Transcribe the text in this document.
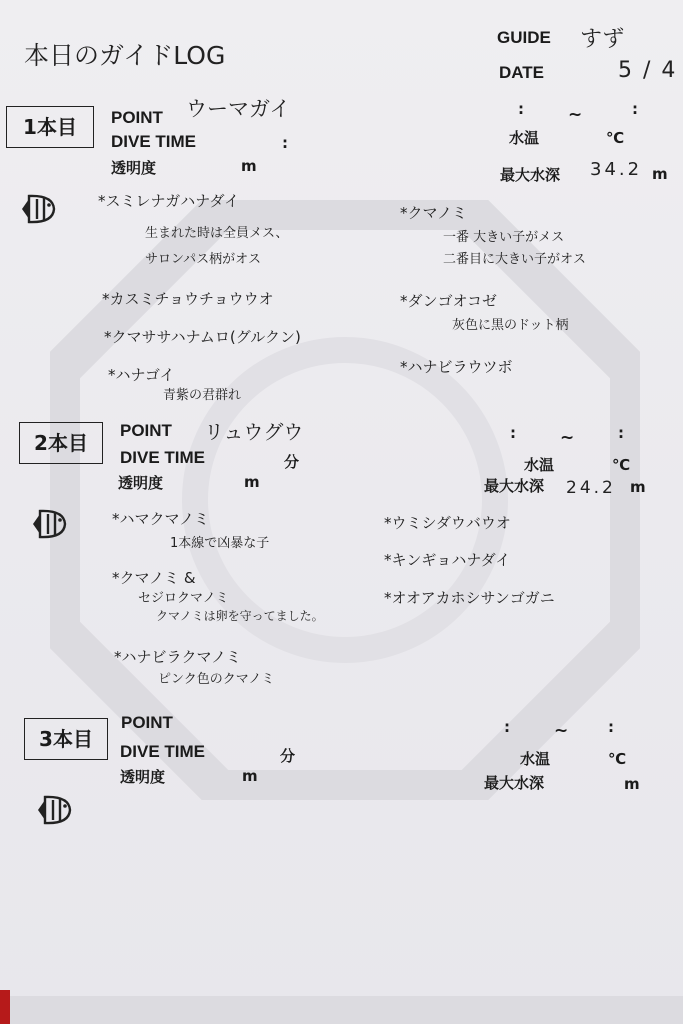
本日のガイドLOG
GUIDE すず
DATE	5 / 4
1本目	POINT ウーマガイ
DIVE TIME	:
透明度	m
:	~	:
水温	℃
最大水深 34.2 m
*スミレナガハナダイ
生まれた時は全員メス、
サロンパス柄がオス
*カスミチョウチョウウオ
*クマササハナムロ(グルクン)
*ハナゴイ
青紫の君群れ
*クマノミ
一番 大きい子がメス
二番目に大きい子がオス
*ダンゴオコゼ
灰色に黒のドット柄
*ハナビラウツボ
2本目
POINT リュウグウ
DIVE TIME	分
透明度	m
:	~	:
水温	℃
最大水深 24.2 m
*ハマクマノミ
1本線で凶暴な子
*クマノミ &
セジロクマノミ
クマノミは卵を守ってました。
*ハナビラクマノミ
ピンク色のクマノミ
*ウミシダウバウオ
*キンギョハナダイ
*オオアカホシサンゴガニ
3本目
POINT
DIVE TIME	分
透明度	m
:	~	:
水温	℃
最大水深	m
